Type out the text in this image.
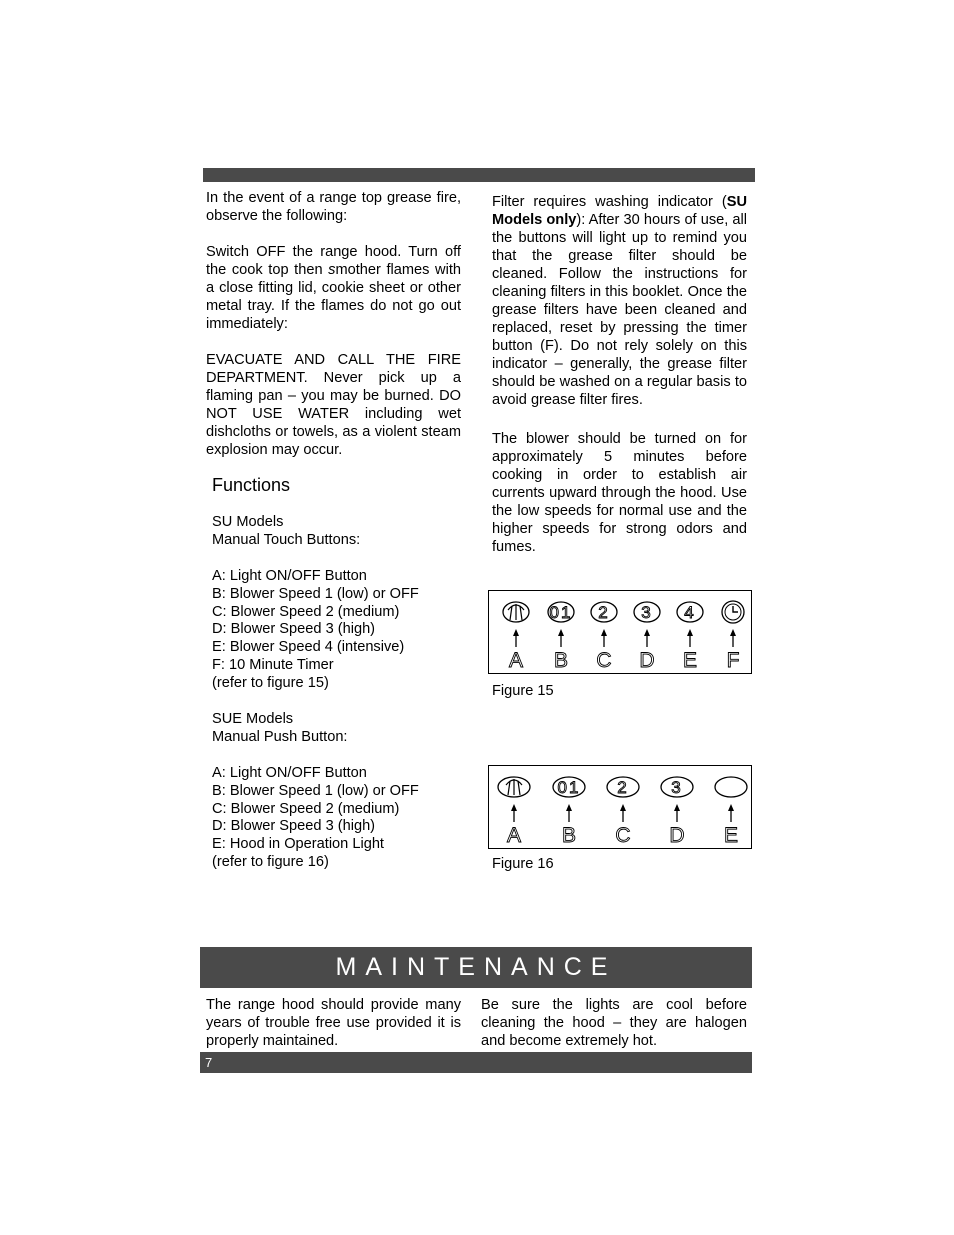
In the event of a range top grease fire, observe the following:

Switch OFF the range hood. Turn off the cook top then smother flames with a close fitting lid, cookie sheet or other metal tray. If the flames do not go out immediately:

EVACUATE AND CALL THE FIRE DEPARTMENT. Never pick up a flaming pan – you may be burned. DO NOT USE WATER including wet dishcloths or towels, as a violent steam explosion may occur.

Functions
SU Models
Manual Touch Buttons:
A: Light ON/OFF Button
B: Blower Speed 1 (low) or OFF
C: Blower Speed 2 (medium)
D: Blower Speed 3 (high)
E: Blower Speed 4 (intensive)
F: 10 Minute Timer
(refer to figure 15)
SUE Models
Manual Push Button:
A: Light ON/OFF Button
B: Blower Speed 1 (low) or OFF
C: Blower Speed 2 (medium)
D: Blower Speed 3 (high)
E: Hood in Operation Light
(refer to figure 16)

Filter requires washing indicator (SU Models only): After 30 hours of use, all the buttons will light up to remind you that the grease filter should be cleaned. Follow the instructions for cleaning filters in this booklet. Once the grease filters have been cleaned and replaced, reset by pressing the timer button (F). Do not rely solely on this indicator – generally, the grease filter should be washed on a regular basis to avoid grease filter fires.

The blower should be turned on for approximately 5 minutes before cooking in order to establish air currents upward through the hood. Use the low speeds for normal use and the higher speeds for strong odors and fumes.

A
01
B
2
C
3
D
4
E F
Figure 15
A
01
B
2
C
3
D E
Figure 16
MAINTENANCE

The range hood should provide many years of trouble free use provided it is properly maintained.

Be sure the lights are cool before cleaning the hood – they are halogen and become extremely hot.

7
